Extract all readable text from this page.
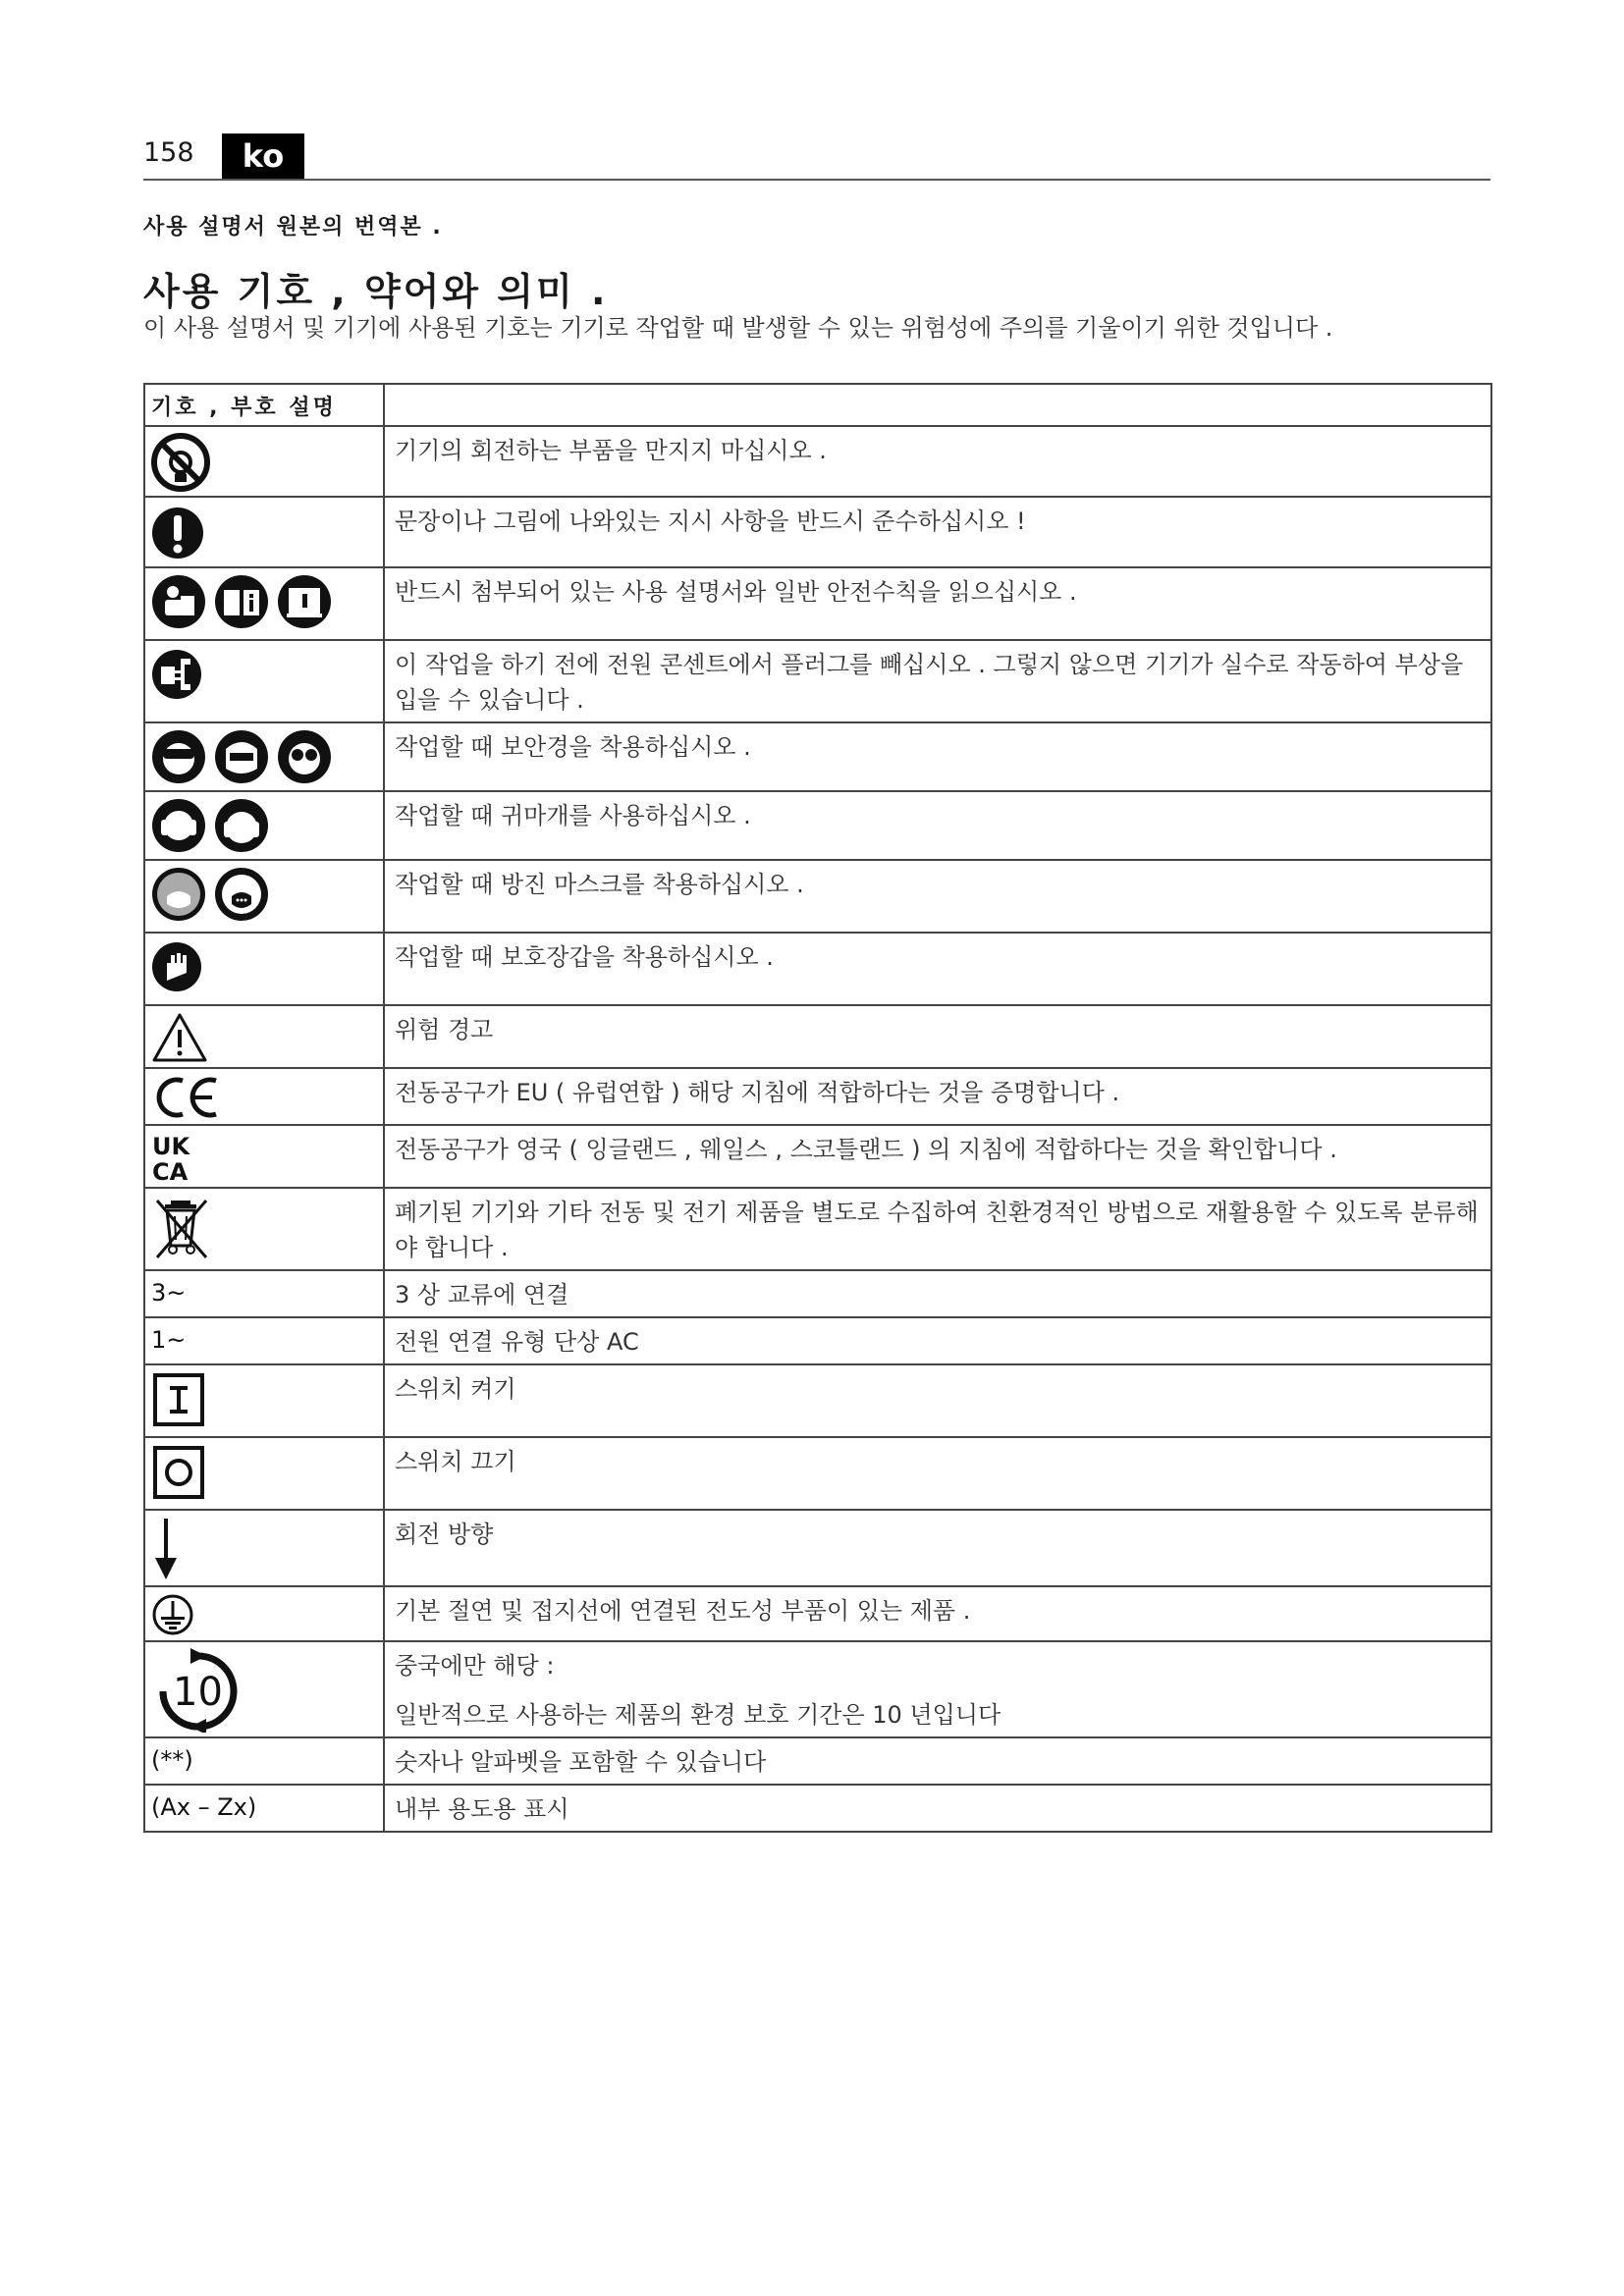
158	ko
사용 설명서 원본의 번역본 .
사용 기호 , 약어와 의미 .
이 사용 설명서 및 기기에 사용된 기호는 기기로 작업할 때 발생할 수 있는 위험성에 주의를 기울이기 위한 것입니다 .
기호 , 부호 설명	

	기기의 회전하는 부품을 만지지 마십시오 .

	문장이나 그림에 나와있는 지시 사항을 반드시 준수하십시오 !

	반드시 첨부되어 있는 사용 설명서와 일반 안전수칙을 읽으십시오 .

	이 작업을 하기 전에 전원 콘센트에서 플러그를 빼십시오 . 그렇지 않으면 기기가 실수로 작동하여 부상을 입을 수 있습니다 .

	작업할 때 보안경을 착용하십시오 .

	작업할 때 귀마개를 사용하십시오 .

	작업할 때 방진 마스크를 착용하십시오 .

	작업할 때 보호장갑을 착용하십시오 .

	위험 경고

	전동공구가 EU ( 유럽연합 ) 해당 지침에 적합하다는 것을 증명합니다 .

UK
CA	전동공구가 영국 ( 잉글랜드 , 웨일스 , 스코틀랜드 ) 의 지침에 적합하다는 것을 확인합니다 .

	폐기된 기기와 기타 전동 및 전기 제품을 별도로 수집하여 친환경적인 방법으로 재활용할 수 있도록 분류해야 합니다 .
3~	3 상 교류에 연결
1~	전원 연결 유형 단상 AC

	스위치 켜기

	스위치 끄기

	회전 방향

	기본 절연 및 접지선에 연결된 전도성 부품이 있는 제품 .

10	중국에만 해당 :
일반적으로 사용하는 제품의 환경 보호 기간은 10 년입니다

(**)	숫자나 알파벳을 포함할 수 있습니다
(Ax – Zx)	내부 용도용 표시
